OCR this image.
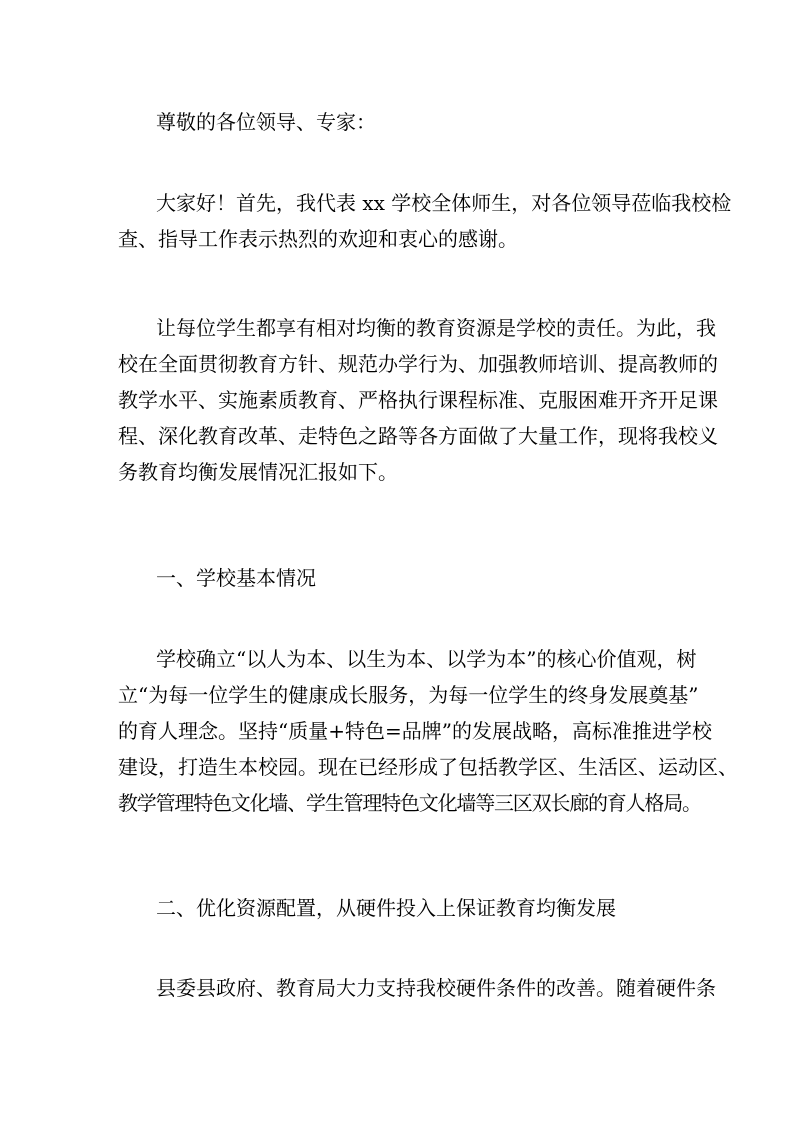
尊敬的各位领导、专家：

大家好！首先，我代表 xx 学校全体师生，对各位领导莅临我校检
查、指导工作表示热烈的欢迎和衷心的感谢。

让每位学生都享有相对均衡的教育资源是学校的责任。为此，我
校在全面贯彻教育方针、规范办学行为、加强教师培训、提高教师的
教学水平、实施素质教育、严格执行课程标准、克服困难开齐开足课
程、深化教育改革、走特色之路等各方面做了大量工作，现将我校义
务教育均衡发展情况汇报如下。

一、学校基本情况

学校确立“以人为本、以生为本、以学为本”的核心价值观，树
立“为每一位学生的健康成长服务，为每一位学生的终身发展奠基”
的育人理念。坚持“质量+特色=品牌”的发展战略，高标准推进学校
建设，打造生本校园。现在已经形成了包括教学区、生活区、运动区、
教学管理特色文化墙、学生管理特色文化墙等三区双长廊的育人格局。

二、优化资源配置，从硬件投入上保证教育均衡发展

县委县政府、教育局大力支持我校硬件条件的改善。随着硬件条
